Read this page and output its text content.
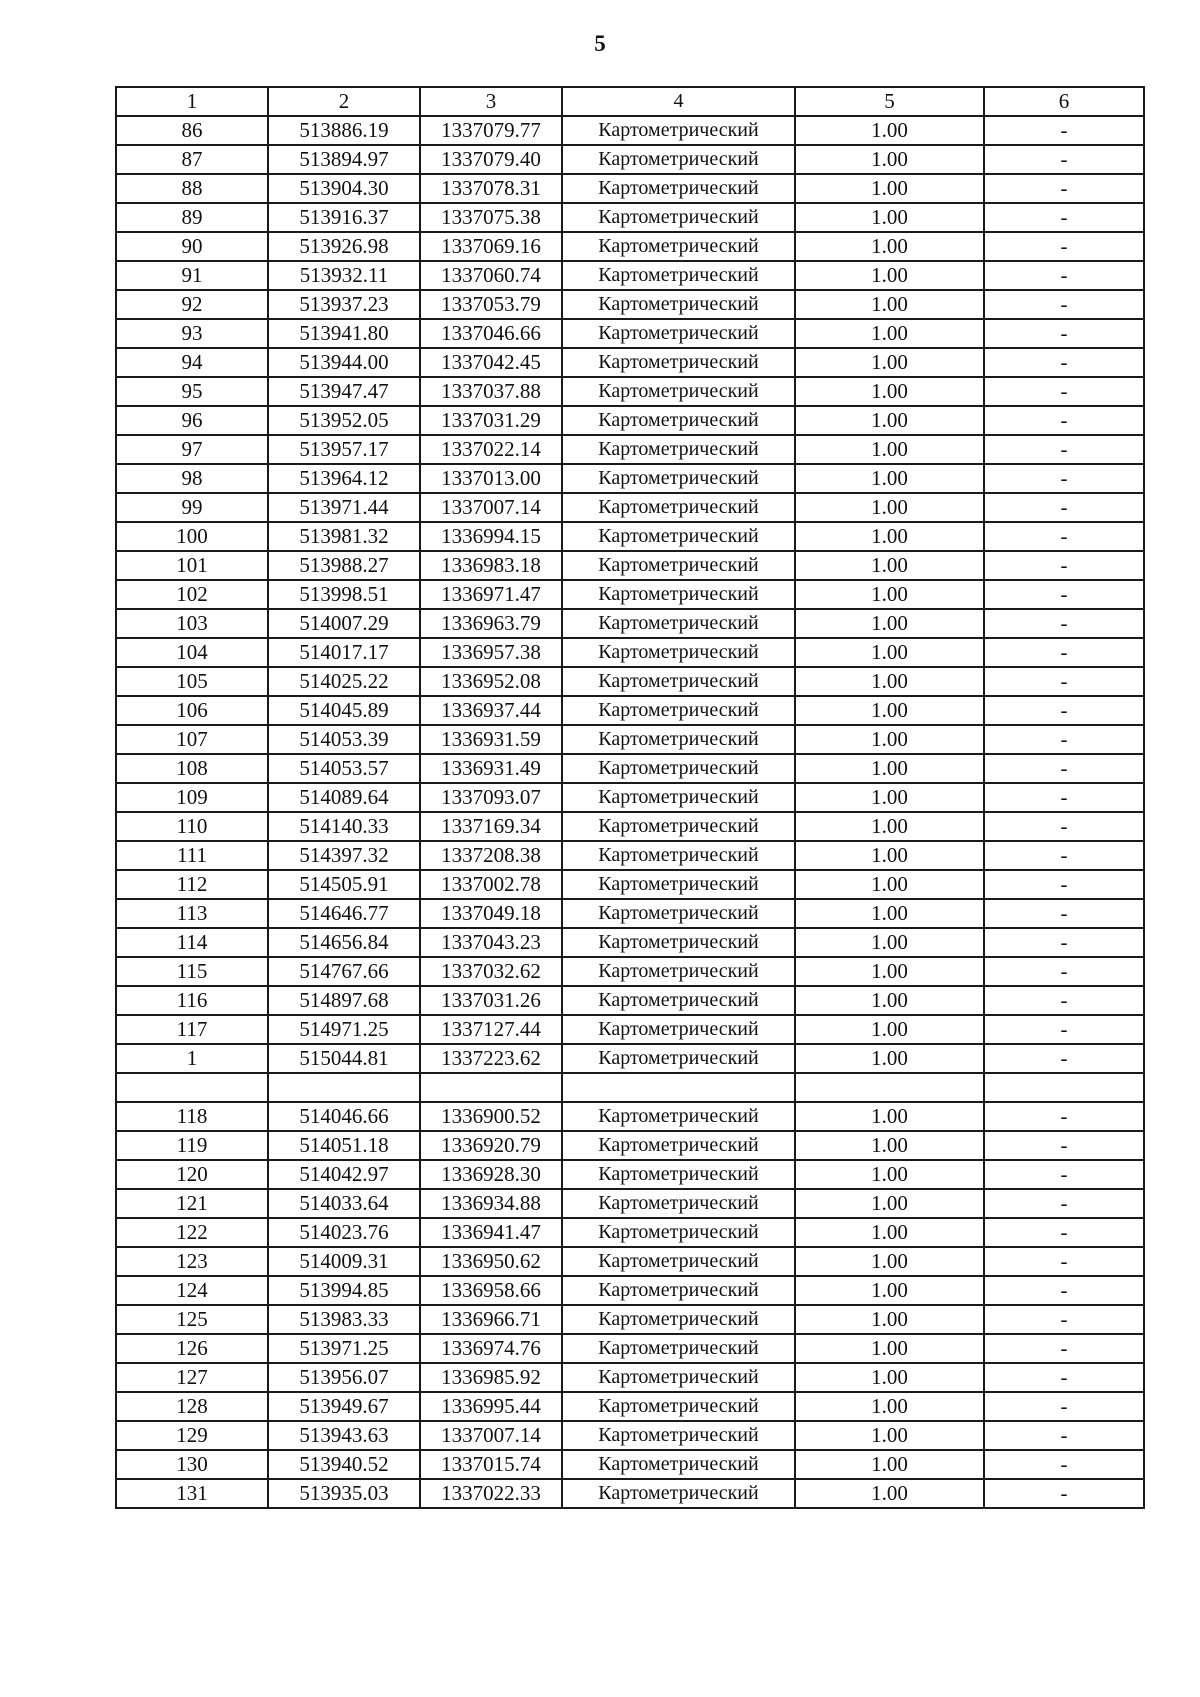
5
1	2	3	4	5	6
86	513886.19	1337079.77	Картометрический	1.00	-
87	513894.97	1337079.40	Картометрический	1.00	-
88	513904.30	1337078.31	Картометрический	1.00	-
89	513916.37	1337075.38	Картометрический	1.00	-
90	513926.98	1337069.16	Картометрический	1.00	-
91	513932.11	1337060.74	Картометрический	1.00	-
92	513937.23	1337053.79	Картометрический	1.00	-
93	513941.80	1337046.66	Картометрический	1.00	-
94	513944.00	1337042.45	Картометрический	1.00	-
95	513947.47	1337037.88	Картометрический	1.00	-
96	513952.05	1337031.29	Картометрический	1.00	-
97	513957.17	1337022.14	Картометрический	1.00	-
98	513964.12	1337013.00	Картометрический	1.00	-
99	513971.44	1337007.14	Картометрический	1.00	-
100	513981.32	1336994.15	Картометрический	1.00	-
101	513988.27	1336983.18	Картометрический	1.00	-
102	513998.51	1336971.47	Картометрический	1.00	-
103	514007.29	1336963.79	Картометрический	1.00	-
104	514017.17	1336957.38	Картометрический	1.00	-
105	514025.22	1336952.08	Картометрический	1.00	-
106	514045.89	1336937.44	Картометрический	1.00	-
107	514053.39	1336931.59	Картометрический	1.00	-
108	514053.57	1336931.49	Картометрический	1.00	-
109	514089.64	1337093.07	Картометрический	1.00	-
110	514140.33	1337169.34	Картометрический	1.00	-
111	514397.32	1337208.38	Картометрический	1.00	-
112	514505.91	1337002.78	Картометрический	1.00	-
113	514646.77	1337049.18	Картометрический	1.00	-
114	514656.84	1337043.23	Картометрический	1.00	-
115	514767.66	1337032.62	Картометрический	1.00	-
116	514897.68	1337031.26	Картометрический	1.00	-
117	514971.25	1337127.44	Картометрический	1.00	-
1	515044.81	1337223.62	Картометрический	1.00	-

118	514046.66	1336900.52	Картометрический	1.00	-
119	514051.18	1336920.79	Картометрический	1.00	-
120	514042.97	1336928.30	Картометрический	1.00	-
121	514033.64	1336934.88	Картометрический	1.00	-
122	514023.76	1336941.47	Картометрический	1.00	-
123	514009.31	1336950.62	Картометрический	1.00	-
124	513994.85	1336958.66	Картометрический	1.00	-
125	513983.33	1336966.71	Картометрический	1.00	-
126	513971.25	1336974.76	Картометрический	1.00	-
127	513956.07	1336985.92	Картометрический	1.00	-
128	513949.67	1336995.44	Картометрический	1.00	-
129	513943.63	1337007.14	Картометрический	1.00	-
130	513940.52	1337015.74	Картометрический	1.00	-
131	513935.03	1337022.33	Картометрический	1.00	-
